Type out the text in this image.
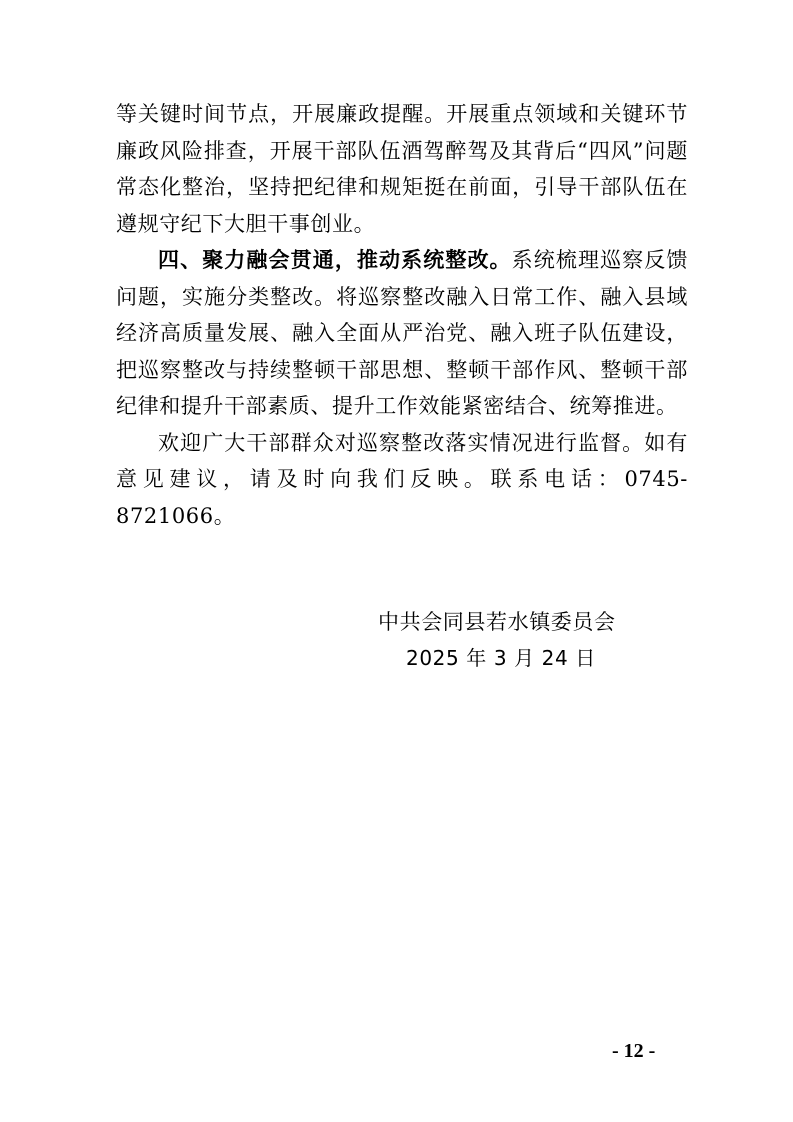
等关键时间节点，开展廉政提醒。开展重点领域和关键环节廉政风险排查，开展干部队伍酒驾醉驾及其背后“四风”问题常态化整治，坚持把纪律和规矩挺在前面，引导干部队伍在遵规守纪下大胆干事创业。

四、聚力融会贯通，推动系统整改。系统梳理巡察反馈问题，实施分类整改。将巡察整改融入日常工作、融入县域经济高质量发展、融入全面从严治党、融入班子队伍建设，把巡察整改与持续整顿干部思想、整顿干部作风、整顿干部纪律和提升干部素质、提升工作效能紧密结合、统筹推进。

欢迎广大干部群众对巡察整改落实情况进行监督。如有意见建议，请及时向我们反映。联系电话：0745-8721066。

中共会同县若水镇委员会
2025 年 3 月 24 日
- 12 -
